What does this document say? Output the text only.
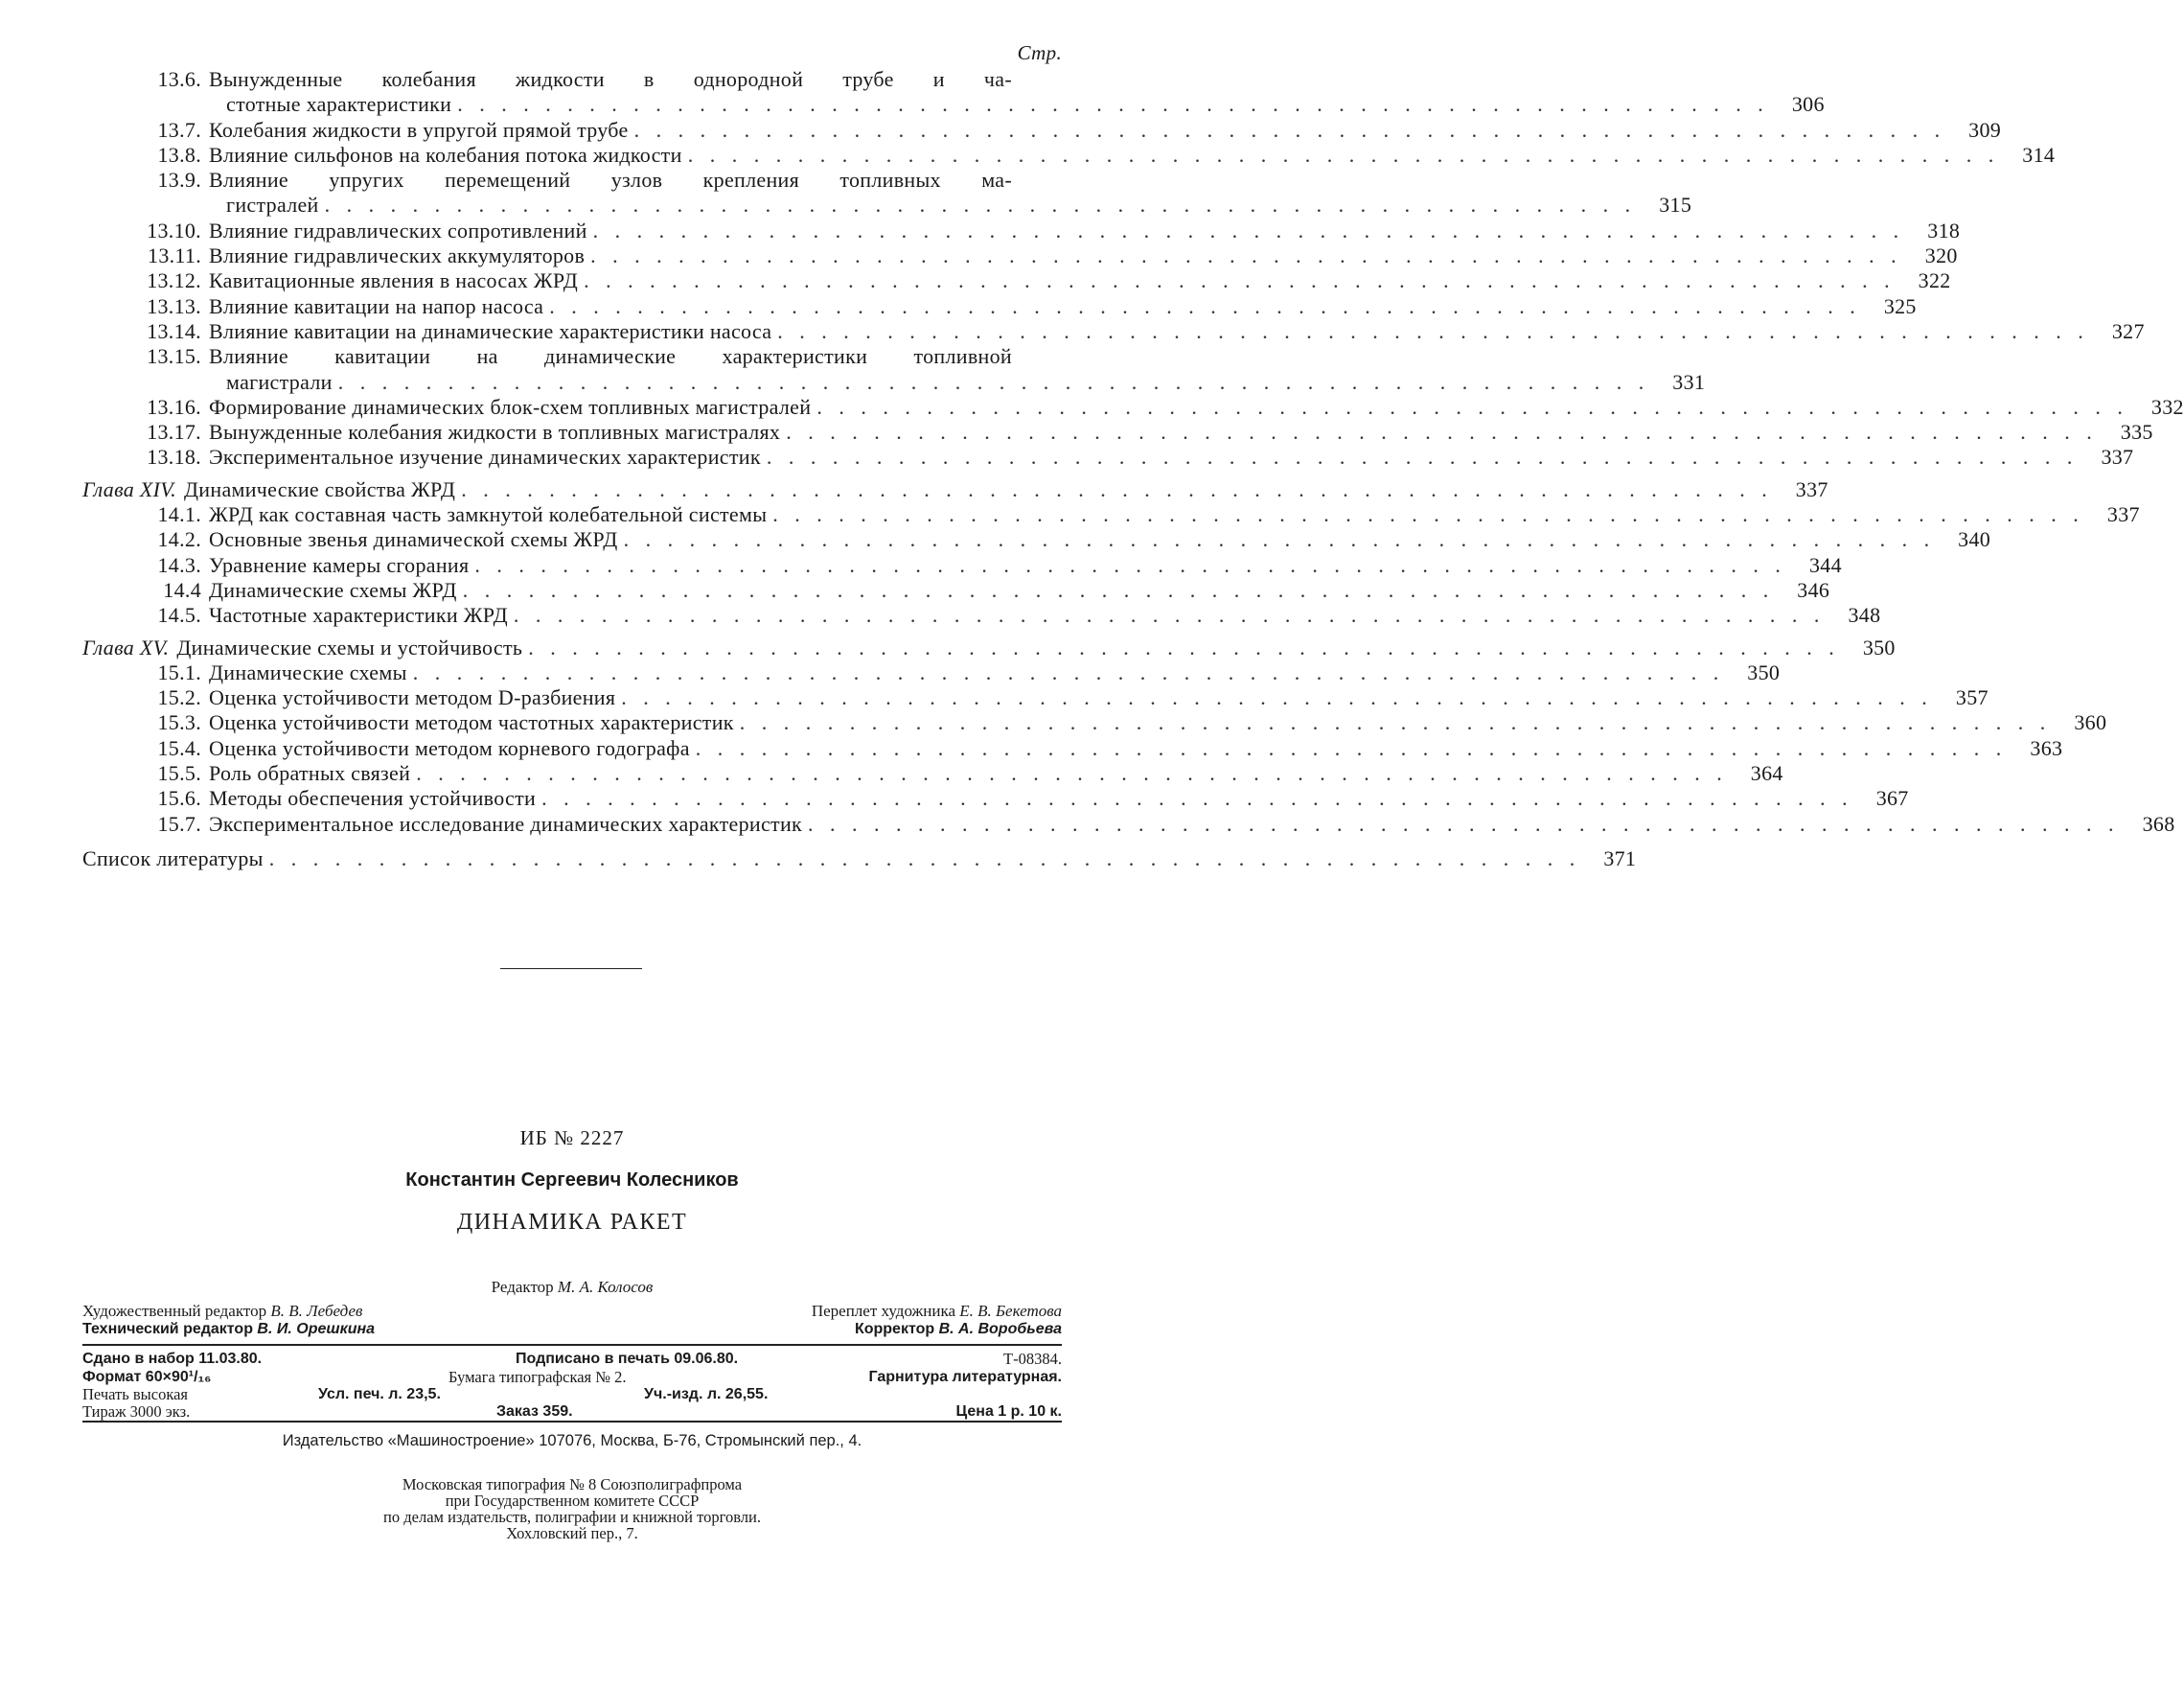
Стр.
13.6. Вынужденные колебания жидкости в однородной трубе и ча-
стотные характеристики . . .	306
13.7. Колебания жидкости в упругой прямой трубе . . .	309
13.8. Влияние сильфонов на колебания потока жидкости . . .	314
13.9. Влияние упругих перемещений узлов крепления топливных ма-
гистралей . . .	315
13.10. Влияние гидравлических сопротивлений . . .	318
13.11. Влияние гидравлических аккумуляторов . . .	320
13.12. Кавитационные явления в насосах ЖРД . . .	322
13.13. Влияние кавитации на напор насоса . . .	325
13.14. Влияние кавитации на динамические характеристики насоса . . .	327
13.15. Влияние кавитации на динамические характеристики топливной
магистрали . . .	331
13.16. Формирование динамических блок-схем топливных магистралей . . .	332
13.17. Вынужденные колебания жидкости в топливных магистралях . . .	335
13.18. Экспериментальное изучение динамических характеристик . . .	337
Глава XIV. Динамические свойства ЖРД . . .	337
14.1. ЖРД как составная часть замкнутой колебательной системы . . .	337
14.2. Основные звенья динамической схемы ЖРД . . .	340
14.3. Уравнение камеры сгорания . . .	344
14.4 Динамические схемы ЖРД . . .	346
14.5. Частотные характеристики ЖРД . . .	348
Глава XV. Динамические схемы и устойчивость . . .	350
15.1. Динамические схемы . . .	350
15.2. Оценка устойчивости методом D-разбиения . . .	357
15.3. Оценка устойчивости методом частотных характеристик . . .	360
15.4. Оценка устойчивости методом корневого годографа . . .	363
15.5. Роль обратных связей . . .	364
15.6. Методы обеспечения устойчивости . . .	367
15.7. Экспериментальное исследование динамических характеристик . . .	368
Список литературы . . .	371
ИБ № 2227
Константин Сергеевич Колесников
ДИНАМИКА РАКЕТ
Редактор М. А. Колосов
Художественный редактор В. В. Лебедев	Переплет художника Е. В. Бекетова
Технический редактор В. И. Орешкина	Корректор В. А. Воробьева
Сдано в набор 11.03.80.	Подписано в печать 09.06.80.	Т-08384.
Формат 60×90¹/₁₆	Бумага типографская № 2.	Гарнитура литературная.
Печать высокая	Усл. печ. л. 23,5.	Уч.-изд. л. 26,55.
Тираж 3000 экз.	Заказ 359.	Цена 1 р. 10 к.
Издательство «Машиностроение» 107076, Москва, Б-76, Стромынский пер., 4.
Московская типография № 8 Союзполиграфпрома
при Государственном комитете СССР
по делам издательств, полиграфии и книжной торговли.
Хохловский пер., 7.
